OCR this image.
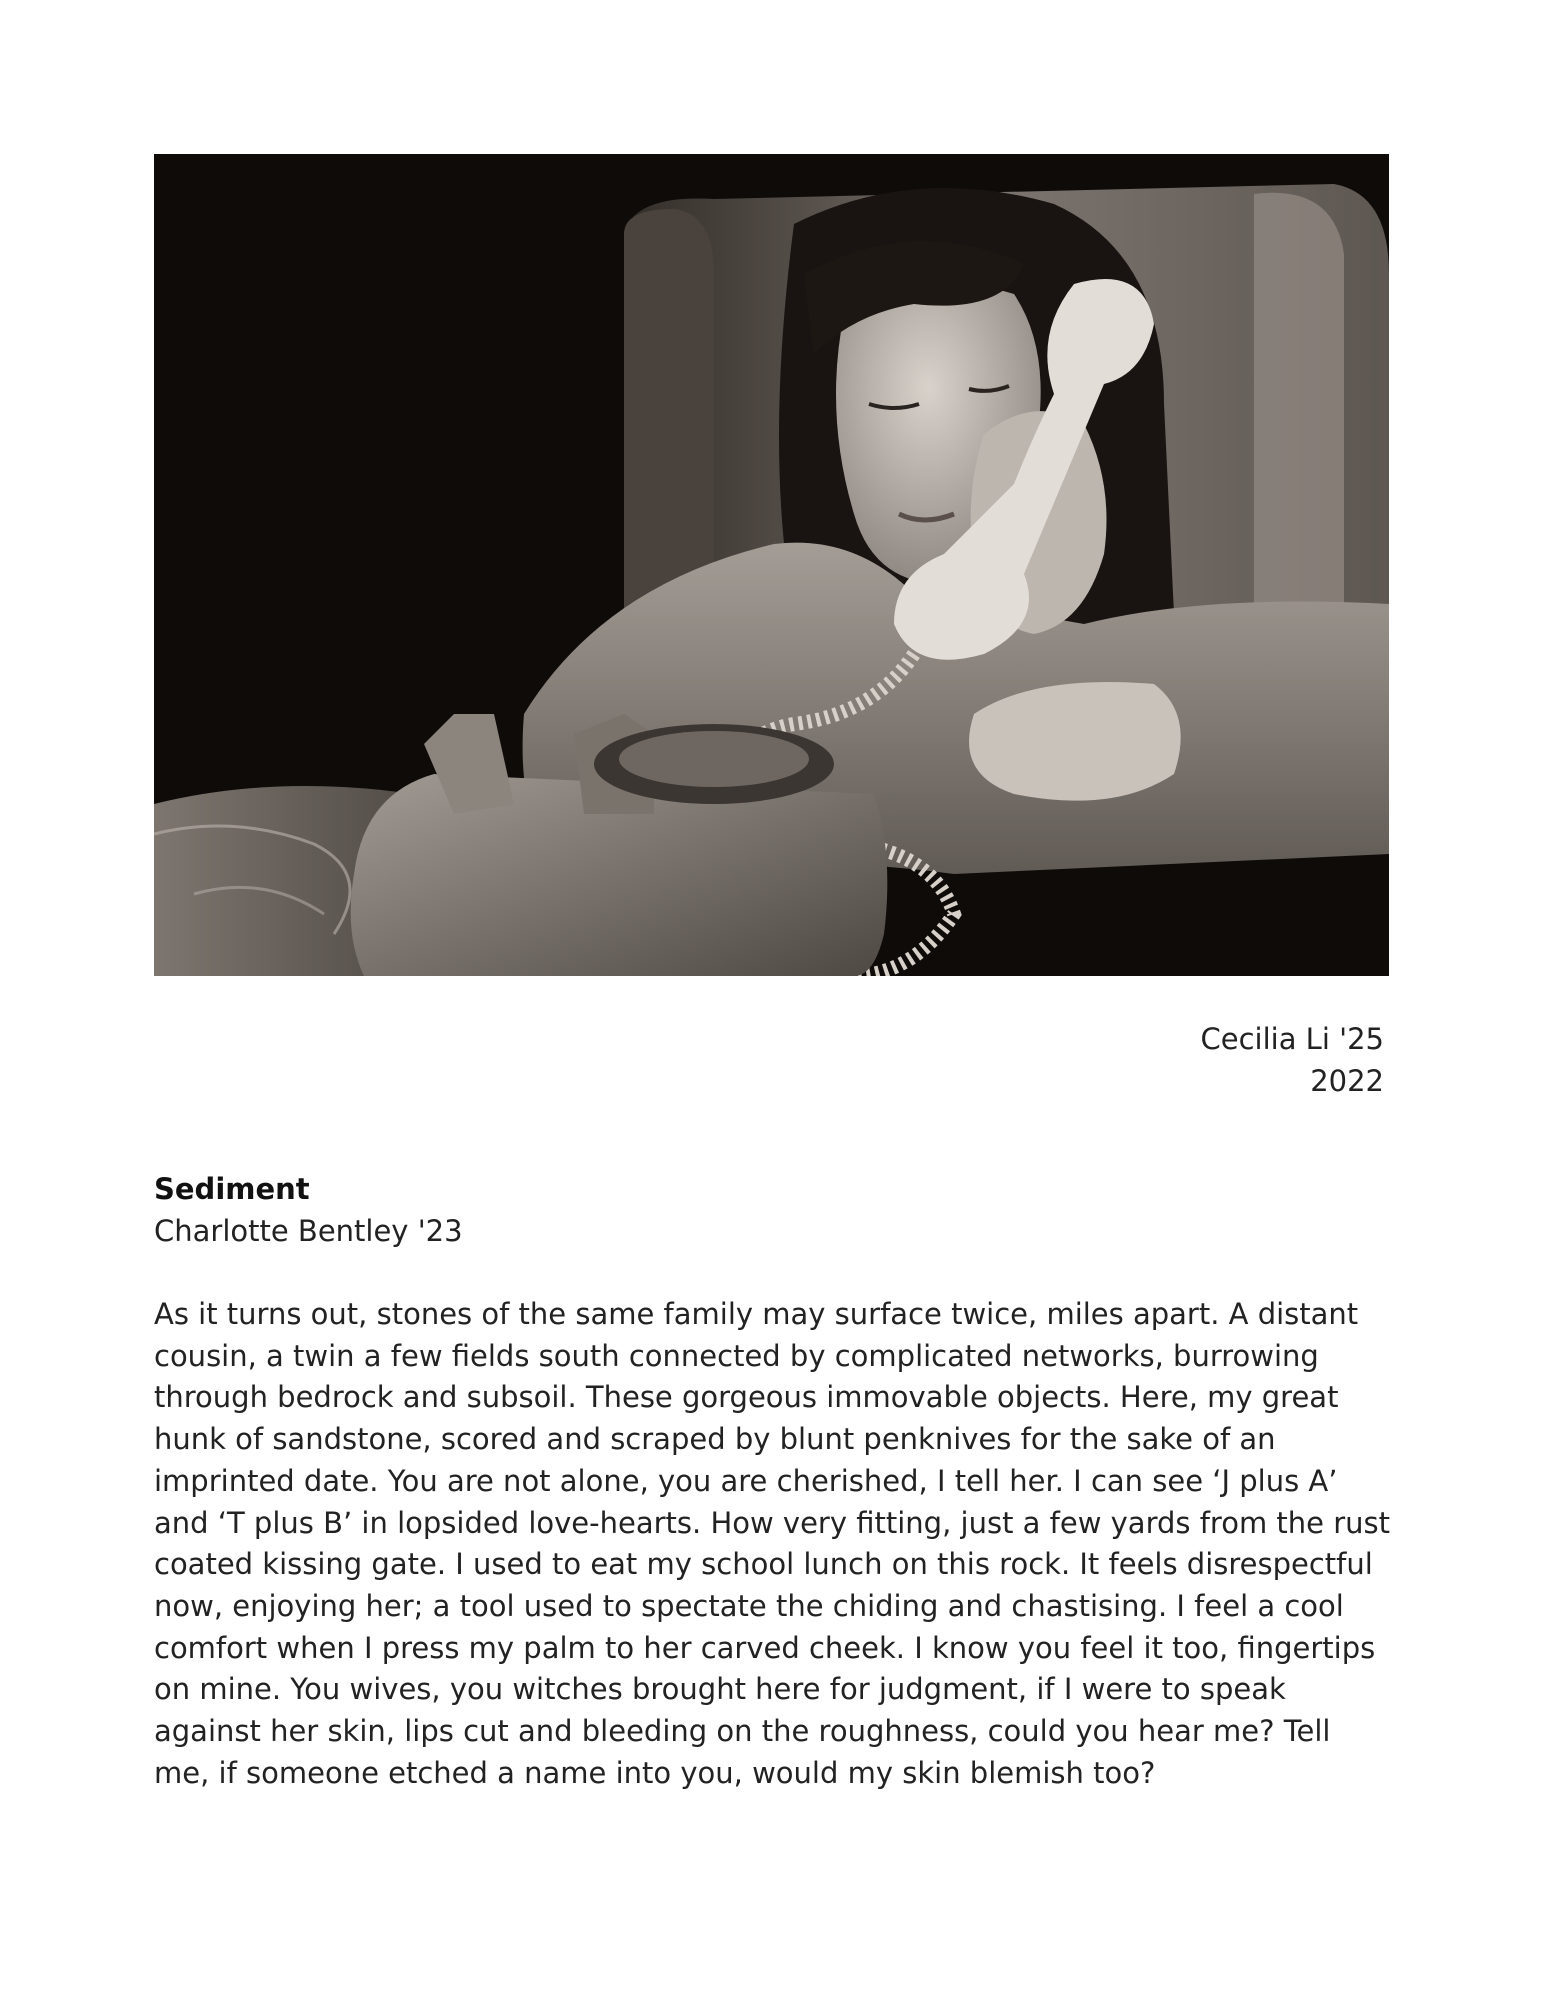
Cecilia Li '25
2022
Sediment
Charlotte Bentley '23
As it turns out, stones of the same family may surface twice, miles apart. A distant cousin, a twin a few fields south connected by complicated networks, burrowing through bedrock and subsoil. These gorgeous immovable objects. Here, my great hunk of sandstone, scored and scraped by blunt penknives for the sake of an imprinted date. You are not alone, you are cherished, I tell her. I can see ‘J plus A’ and ‘T plus B’ in lopsided love-hearts. How very fitting, just a few yards from the rust coated kissing gate. I used to eat my school lunch on this rock. It feels disrespectful now, enjoying her; a tool used to spectate the chiding and chastising. I feel a cool comfort when I press my palm to her carved cheek. I know you feel it too, fingertips on mine. You wives, you witches brought here for judgment, if I were to speak against her skin, lips cut and bleeding on the roughness, could you hear me? Tell me, if someone etched a name into you, would my skin blemish too?
